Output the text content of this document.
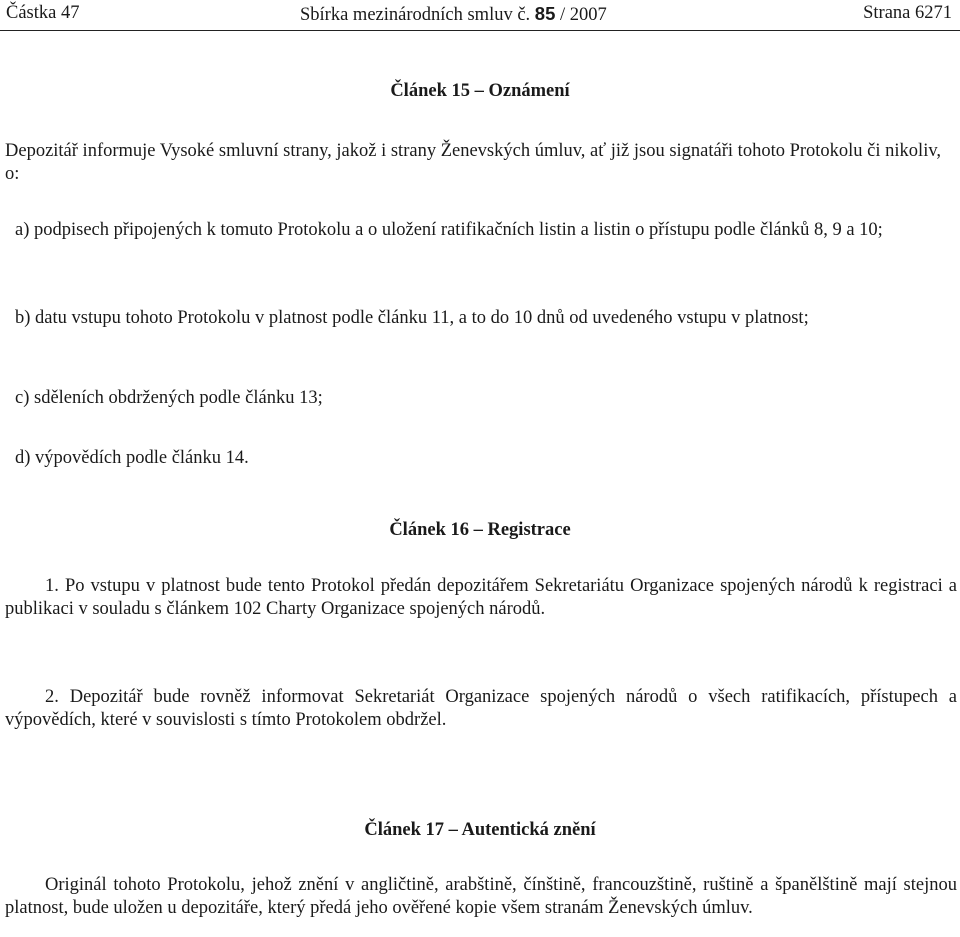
Částka 47	Sbírka mezinárodních smluv č. 85 / 2007	Strana 6271
Článek 15 – Oznámení
Depozitář informuje Vysoké smluvní strany, jakož i strany Ženevských úmluv, ať již jsou signatáři tohoto Protokolu či nikoliv, o:
a) podpisech připojených k tomuto Protokolu a o uložení ratifikačních listin a listin o přístupu podle článků 8, 9 a 10;
b) datu vstupu tohoto Protokolu v platnost podle článku 11, a to do 10 dnů od uvedeného vstupu v platnost;
c) sděleních obdržených podle článku 13;
d) výpovědích podle článku 14.
Článek 16 – Registrace
1. Po vstupu v platnost bude tento Protokol předán depozitářem Sekretariátu Organizace spojených národů k registraci a publikaci v souladu s článkem 102 Charty Organizace spojených národů.
2. Depozitář bude rovněž informovat Sekretariát Organizace spojených národů o všech ratifikacích, přístupech a výpovědích, které v souvislosti s tímto Protokolem obdržel.
Článek 17 – Autentická znění
Originál tohoto Protokolu, jehož znění v angličtině, arabštině, čínštině, francouzštině, ruštině a španělštině mají stejnou platnost, bude uložen u depozitáře, který předá jeho ověřené kopie všem stranám Ženevských úmluv.
